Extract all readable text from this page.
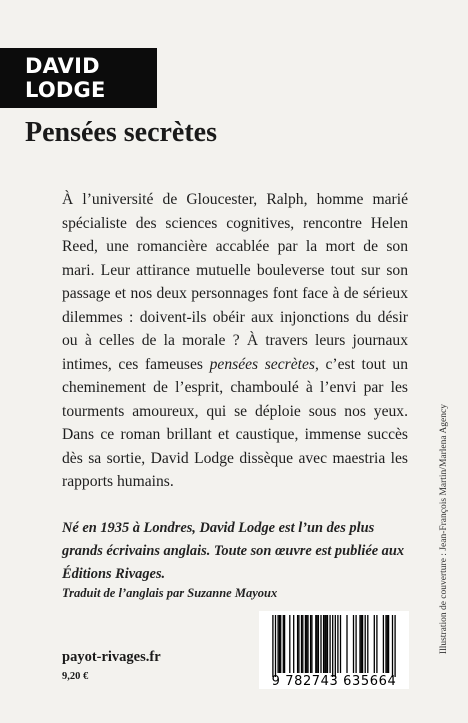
DAVID
LODGE
Pensées secrètes

À l’université de Gloucester, Ralph, homme marié spécialiste des sciences cognitives, rencontre Helen Reed, une romancière accablée par la mort de son mari. Leur attirance mutuelle bouleverse tout sur son passage et nos deux personnages font face à de sérieux dilemmes : doivent-ils obéir aux injonctions du désir ou à celles de la morale ? À travers leurs journaux intimes, ces fameuses pensées secrètes, c’est tout un cheminement de l’esprit, chamboulé à l’envi par les tourments amoureux, qui se déploie sous nos yeux. Dans ce roman brillant et caustique, immense succès dès sa sortie, David Lodge dissèque avec maestria les rapports humains.

Né en 1935 à Londres, David Lodge est l’un des plus grands écrivains anglais. Toute son œuvre est publiée aux Éditions Rivages.

Traduit de l’anglais par Suzanne Mayoux

payot-rivages.fr

9,20 €	9 782743 635664

Illustration de couverture : Jean-François Martin/Marlena Agency
